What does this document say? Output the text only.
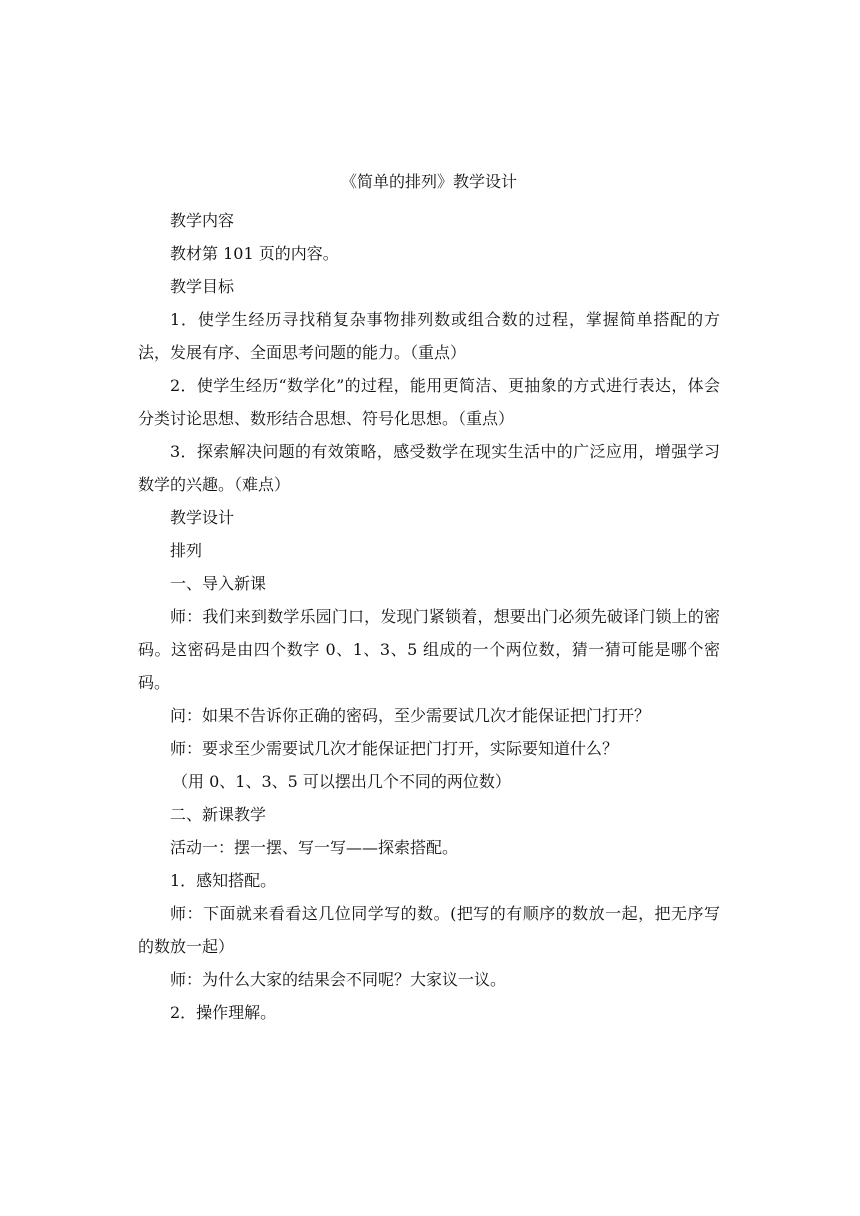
《简单的排列》教学设计

教学内容

教材第 101 页的内容。

教学目标

1．使学生经历寻找稍复杂事物排列数或组合数的过程，掌握简单搭配的方法，发展有序、全面思考问题的能力。（重点）

2．使学生经历“数学化”的过程，能用更简洁、更抽象的方式进行表达，体会分类讨论思想、数形结合思想、符号化思想。（重点）

3．探索解决问题的有效策略，感受数学在现实生活中的广泛应用，增强学习数学的兴趣。（难点）

教学设计

排列

一、导入新课

师：我们来到数学乐园门口，发现门紧锁着，想要出门必须先破译门锁上的密码。这密码是由四个数字 0、1、3、5 组成的一个两位数，猜一猜可能是哪个密码。

问：如果不告诉你正确的密码，至少需要试几次才能保证把门打开？

师：要求至少需要试几次才能保证把门打开，实际要知道什么？

（用 0、1、3、5 可以摆出几个不同的两位数）

二、新课教学

活动一：摆一摆、写一写——探索搭配。

1．感知搭配。

师：下面就来看看这几位同学写的数。(把写的有顺序的数放一起，把无序写的数放一起）

师：为什么大家的结果会不同呢？大家议一议。

2．操作理解。
